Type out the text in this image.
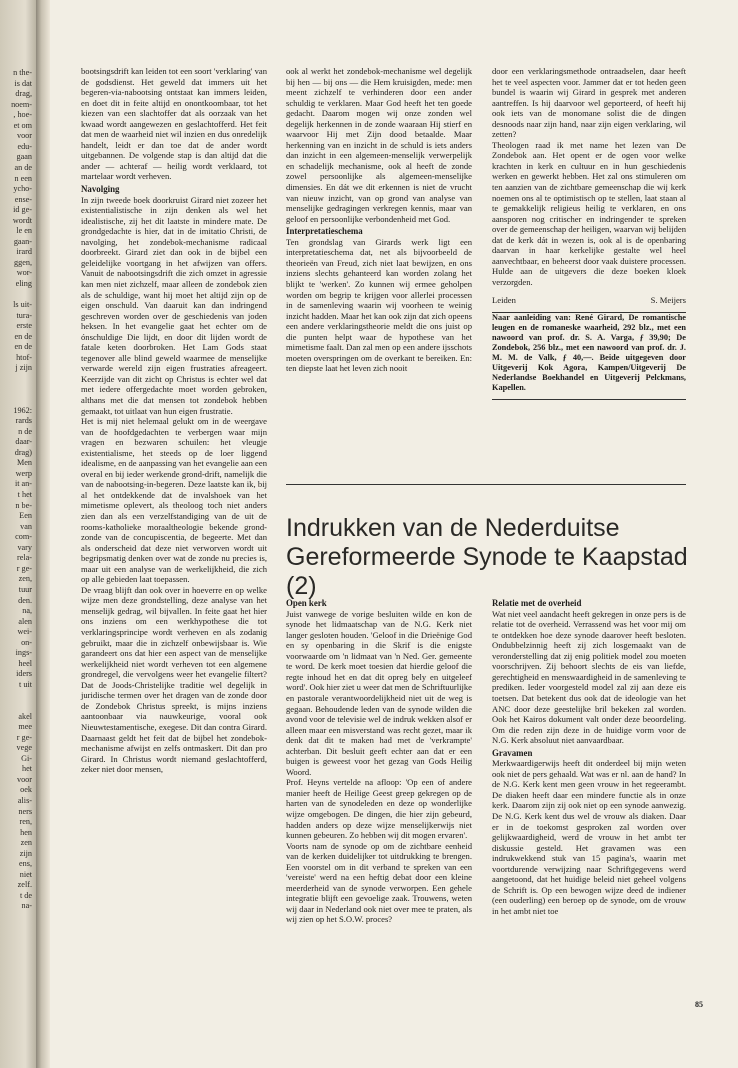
n the-
is dat
drag,
noem-
, hoe-
et om
voor
edu-
gaan
an de
n een
ycho-
ense-
id ge-
wordt
le en
gaan-
irard
ggen,
wor-
eling
ls uit-
tura-
erste
en de
en de
htof-
j zijn
1962:
rards
n de
daar-
drag)
Men
werp
it an-
t het
n be-
Een
van
com-
vary
rela-
r ge-
zen,
tuur
den.
na,
alen
wei-
on-
ings-
heel
iders
t uit
akel
mee
r ge-
vege
Gi-
het
voor
oek
alis-
ners
ren,
hen
zen
zijn
ens,
niet
zelf.
t de
na-

bootsingsdrift kan leiden tot een soort 'verklaring' van de godsdienst. Het geweld dat immers uit het begeren-via-nabootsing ontstaat kan immers leiden, en doet dit in feite altijd en onontkoombaar, tot het kiezen van een slachtoffer dat als oorzaak van het kwaad wordt aangewezen en geslachtofferd. Het feit dat men de waarheid niet wil inzien en dus onredelijk handelt, leidt er dan toe dat de ander wordt uitgebannen. De volgende stap is dan altijd dat die ander — achteraf — heilig wordt verklaard, tot martelaar wordt verheven.

Navolging

In zijn tweede boek doorkruist Girard niet zozeer het existentialistische in zijn denken als wel het idealistische, zij het dit laatste in mindere mate. De grondgedachte is hier, dat in de imitatio Christi, de navolging, het zondebok-mechanisme radicaal doorbreekt. Girard ziet dan ook in de bijbel een geleidelijke voortgang in het afwijzen van offers. Vanuit de nabootsingsdrift die zich omzet in agressie kan men niet zichzelf, maar alleen de zondebok zien als de schuldige, want hij moet het altijd zijn op de eigen onschuld. Van daaruit kan dan indringend geschreven worden over de geschiedenis van joden heksen. In het evangelie gaat het echter om de ónschuldige Die lijdt, en door dit lijden wordt de fatale keten doorbroken. Het Lam Gods staat tegenover alle blind geweld waarmee de menselijke verwarde wereld zijn eigen frustraties afreageert. Keerzijde van dit zicht op Christus is echter wel dat met iedere offergedachte moet worden gebroken, althans met die dat mensen tot zondebok hebben gemaakt, tot uitlaat van hun eigen frustratie.

Het is mij niet helemaal gelukt om in de weergave van de hoofdgedachten te verbergen waar mijn vragen en bezwaren schuilen: het vleugje existentialisme, het steeds op de loer liggend idealisme, en de aanpassing van het evangelie aan een overal en bij ieder werkende grond-drift, namelijk die van de nabootsing-in-begeren. Deze laatste kan ik, bij al het ontdekkende dat de invalshoek van het mimetisme oplevert, als theoloog toch niet anders zien dan als een verzelfstandiging van de uit de rooms-katholieke moraaltheologie bekende grond-zonde van de concupiscentia, de begeerte. Met dan als onderscheid dat deze niet verworven wordt uit begripsmatig denken over wat de zonde nu precies is, maar uit een analyse van de werkelijkheid, die zich op alle gebieden laat toepassen.

De vraag blijft dan ook over in hoeverre en op welke wijze men deze grondstelling, deze analyse van het menselijk gedrag, wil bijvallen. In feite gaat het hier ons inziens om een werkhypothese die tot verklaringsprincipe wordt verheven en als zodanig gebruikt, maar die in zichzelf onbewijsbaar is. Wie garandeert ons dat hier een aspect van de menselijke werkelijkheid niet wordt verheven tot een algemene grondregel, die vervolgens weer het evangelie filtert? Dat de Joods-Christelijke traditie wel degelijk in juridische termen over het dragen van de zonde door de Zondebok Christus spreekt, is mijns inziens aantoonbaar via nauwkeurige, vooral ook Nieuwtestamentische, exegese. Dit dan contra Girard. Daarnaast geldt het feit dat de bijbel het zondebok-mechanisme afwijst en zelfs ontmaskert. Dit dan pro Girard. In Christus wordt niemand geslachtofferd, zeker niet door mensen,

ook al werkt het zondebok-mechanisme wel degelijk bij hen — bij ons — die Hem kruisigden, mede: men meent zichzelf te verhinderen door een ander schuldig te verklaren. Maar God heeft het ten goede gedacht. Daarom mogen wij onze zonden wel degelijk herkennen in de zonde waaraan Hij stierf en waarvoor Hij met Zijn dood betaalde. Maar herkenning van en inzicht in de schuld is iets anders dan inzicht in een algemeen-menselijk verwerpelijk en schadelijk mechanisme, ook al heeft de zonde zowel persoonlijke als algemeen-menselijke dimensies. En dát we dit erkennen is niet de vrucht van nieuw inzicht, van op grond van analyse van menselijke gedragingen verkregen kennis, maar van geloof en persoonlijke verbondenheid met God.

Interpretatieschema

Ten grondslag van Girards werk ligt een interpretatieschema dat, net als bijvoorbeeld de theorieën van Freud, zich niet laat bewijzen, en ons inziens slechts gehanteerd kan worden zolang het blijkt te 'werken'. Zo kunnen wij ermee geholpen worden om begrip te krijgen voor allerlei processen in de samenleving waarin wij voorheen te weinig inzicht hadden. Maar het kan ook zijn dat zich opeens een andere verklaringstheorie meldt die ons juist op die punten helpt waar de hypothese van het mimetisme faalt. Dan zal men op een andere ijsschots moeten overspringen om de overkant te bereiken. En: ten diepste laat het leven zich nooit

door een verklaringsmethode ontraadselen, daar heeft het te veel aspecten voor. Jammer dat er tot heden geen bundel is waarin wij Girard in gesprek met anderen aantreffen. Is hij daarvoor wel geporteerd, of heeft hij ook iets van de monomane solist die de dingen desnoods naar zijn hand, naar zijn eigen verklaring, wil zetten?

Theologen raad ik met name het lezen van De Zondebok aan. Het opent er de ogen voor welke krachten in kerk en cultuur en in hun geschiedenis werken en gewerkt hebben. Het zal ons stimuleren om ten aanzien van de zichtbare gemeenschap die wij kerk noemen ons al te optimistisch op te stellen, laat staan al te gemakkelijk religieus heilig te verklaren, en ons aansporen nog critischer en indringender te spreken over de gemeenschap der heiligen, waarvan wij belijden dat de kerk dát in wezen is, ook al is de openbaring daarvan in haar kerkelijke gestalte wel heel aanvechtbaar, en beheerst door vaak duistere processen. Hulde aan de uitgevers die deze boeken kloek verzorgden.

Leiden	S. Meijers

Naar aanleiding van: René Girard, De romantische leugen en de romaneske waarheid, 292 blz., met een nawoord van prof. dr. S. A. Varga, ƒ 39,90; De Zondebok, 256 blz., met een nawoord van prof. dr. J. M. M. de Valk, ƒ 40,—. Beide uitgegeven door Uitgeverij Kok Agora, Kampen/Uitgeverij De Nederlandse Boekhandel en Uitgeverij Pelckmans, Kapellen.

Indrukken van de Nederduitse Gereformeerde Synode te Kaapstad (2)
Open kerk

Juist vanwege de vorige besluiten wilde en kon de synode het lidmaatschap van de N.G. Kerk niet langer gesloten houden. 'Geloof in die Drieënige God en sy openbaring in die Skrif is die enigste voorwaarde om 'n lidmaat van 'n Ned. Ger. gemeente te word. De kerk moet toesien dat hierdie geloof die regte inhoud het en dat dit opreg bely en uitgeleef word'. Ook hier ziet u weer dat men de Schriftuurlijke en pastorale verantwoordelijkheid niet uit de weg is gegaan. Behoudende leden van de synode wilden die avond voor de televisie wel de indruk wekken alsof er alleen maar een misverstand was recht gezet, maar ik denk dat dit te maken had met de 'verkrampte' achterban. Dit besluit geeft echter aan dat er een buigen is geweest voor het gezag van Gods Heilig Woord.

Prof. Heyns vertelde na afloop: 'Op een of andere manier heeft de Heilige Geest greep gekregen op de harten van de synodeleden en deze op wonderlijke wijze omgebogen. De dingen, die hier zijn gebeurd, hadden anders op deze wijze menselijkerwijs niet kunnen gebeuren. Zo hebben wij dit mogen ervaren'.

Voorts nam de synode op om de zichtbare eenheid van de kerken duidelijker tot uitdrukking te brengen. Een voorstel om in dit verband te spreken van een 'vereiste' werd na een heftig debat door een kleine meerderheid van de synode verworpen. Een gehele integratie blijft een gevoelige zaak. Trouwens, weten wij daar in Nederland ook niet over mee te praten, als wij zien op het S.O.W. proces?

Relatie met de overheid

Wat niet veel aandacht heeft gekregen in onze pers is de relatie tot de overheid. Verrassend was het voor mij om te ontdekken hoe deze synode daarover heeft besloten. Ondubbelzinnig heeft zij zich losgemaakt van de veronderstelling dat zij enig politiek model zou moeten voorschrijven. Zij behoort slechts de eis van liefde, gerechtigheid en menswaardigheid in de samenleving te prediken. Ieder voorgesteld model zal zij aan deze eis toetsen. Dat betekent dus ook dat de ideologie van het ANC door deze geestelijke bril bekeken zal worden. Ook het Kairos dokument valt onder deze beoordeling. Om die reden zijn deze in de huidige vorm voor de N.G. Kerk absoluut niet aanvaardbaar.

Gravamen

Merkwaardigerwijs heeft dit onderdeel bij mijn weten ook niet de pers gehaald. Wat was er nl. aan de hand? In de N.G. Kerk kent men geen vrouw in het regeerambt. De diaken heeft daar een mindere functie als in onze kerk. Daarom zijn zij ook niet op een synode aanwezig. De N.G. Kerk kent dus wel de vrouw als diaken. Daar er in de toekomst gesproken zal worden over gelijkwaardigheid, werd de vrouw in het ambt ter diskussie gesteld. Het gravamen was een indrukwekkend stuk van 15 pagina's, waarin met voortdurende verwijzing naar Schriftgegevens werd aangetoond, dat het huidige beleid niet geheel volgens de Schrift is. Op een bewogen wijze deed de indiener (een ouderling) een beroep op de synode, om de vrouw in het ambt niet toe

85
